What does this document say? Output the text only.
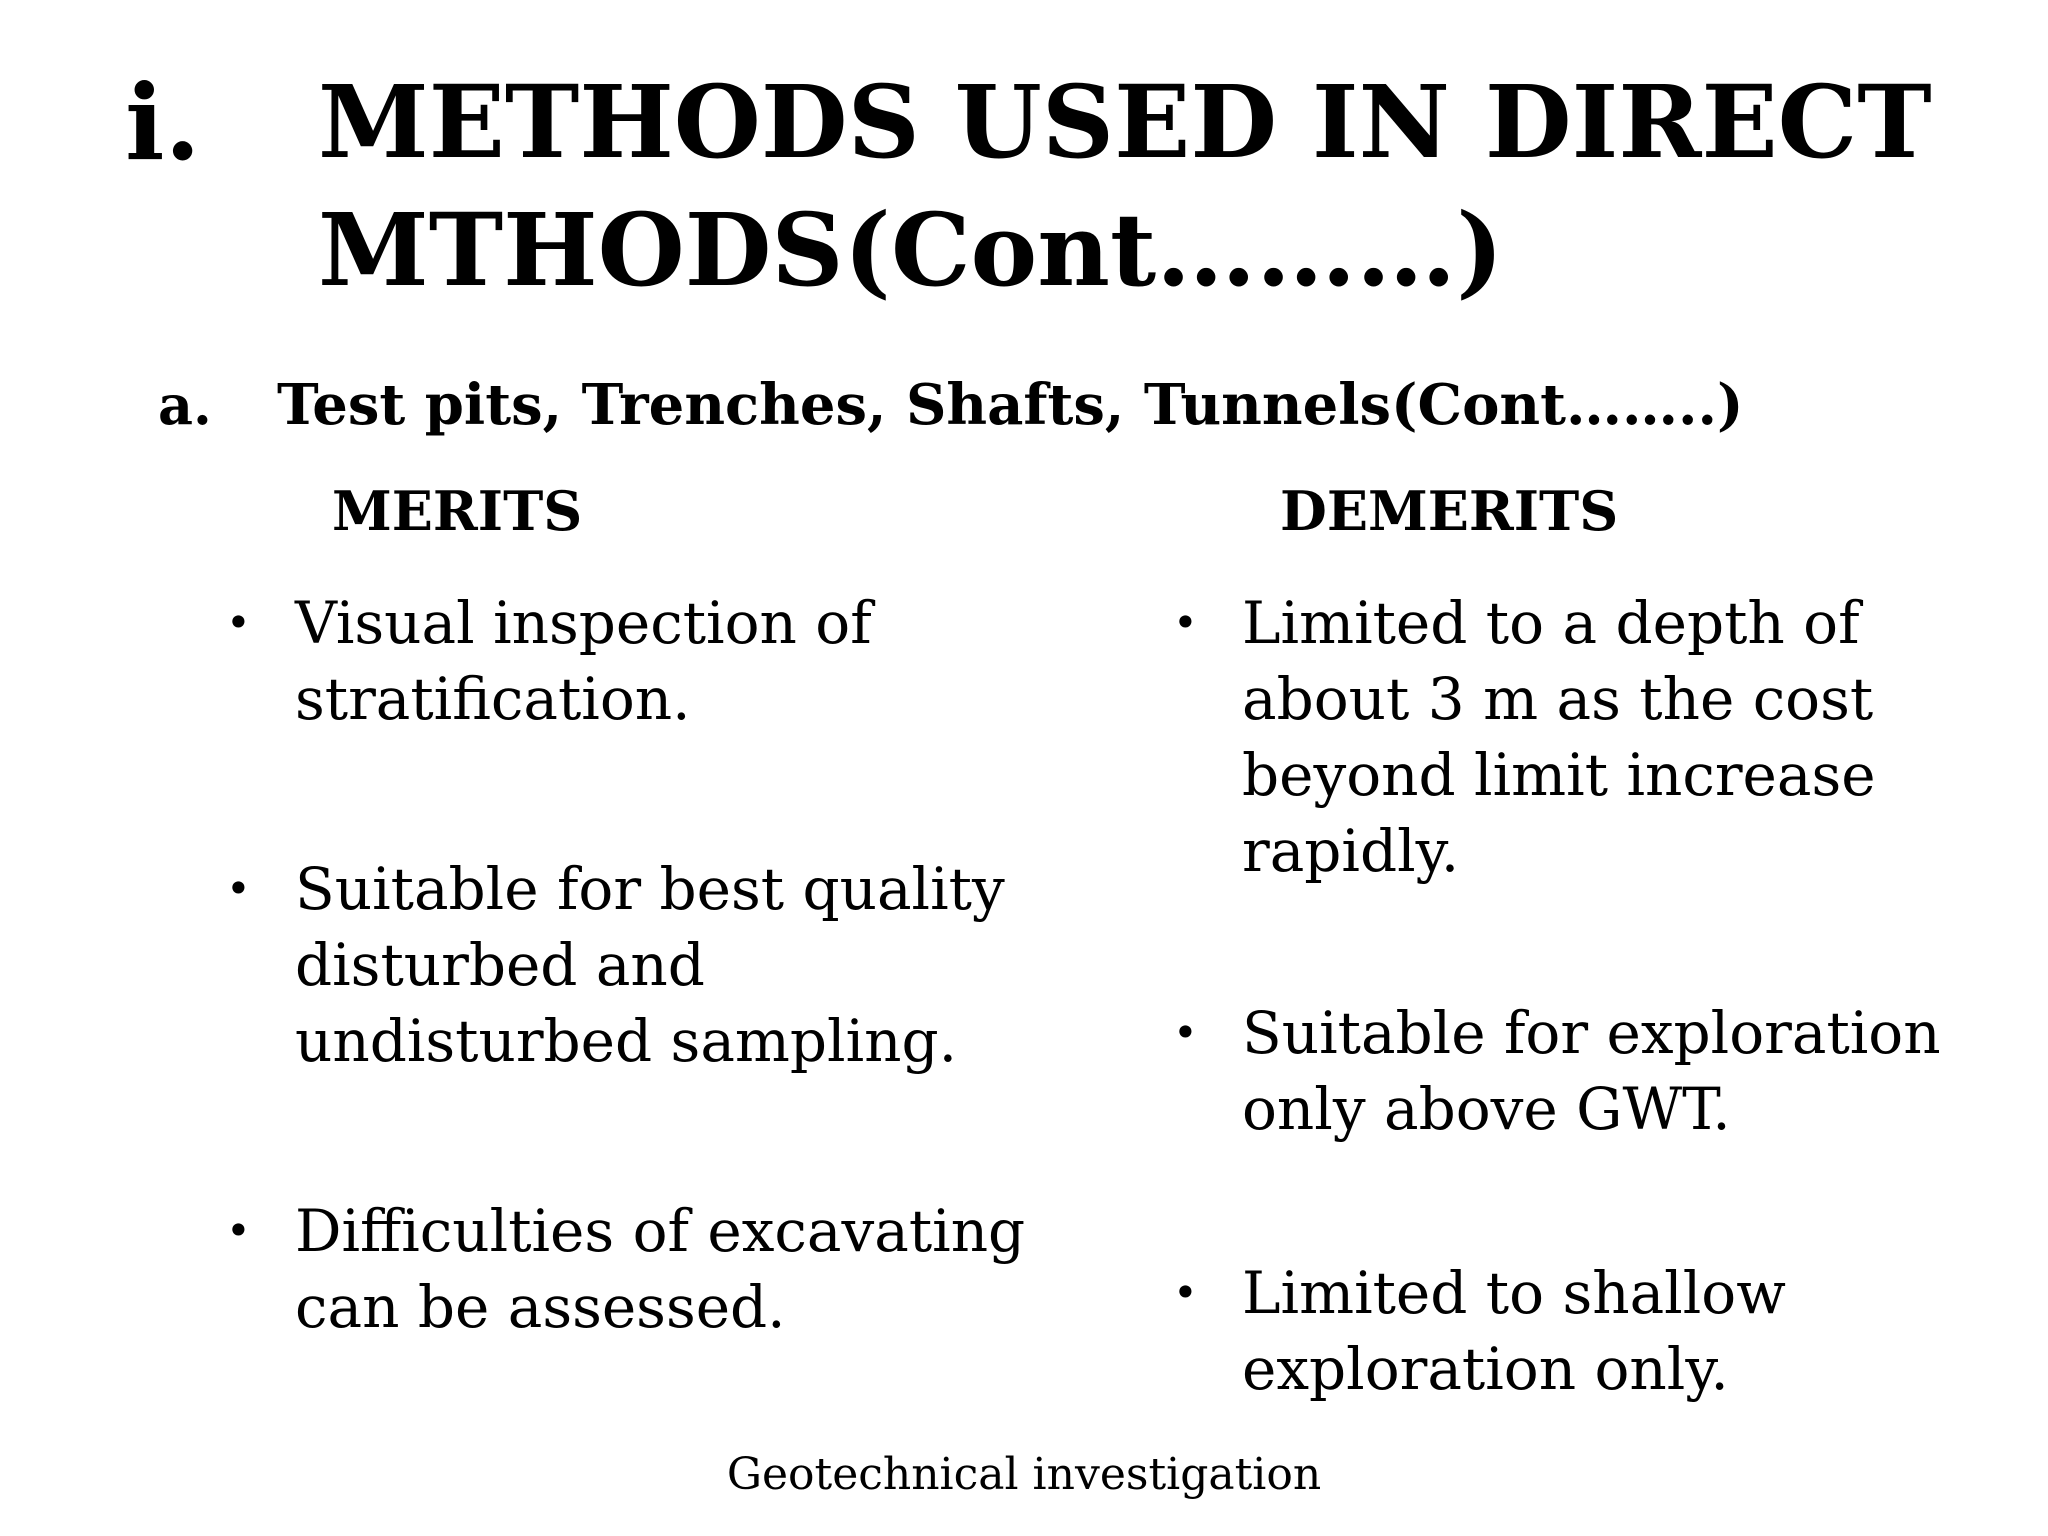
i. METHODS USED IN DIRECT
MTHODS(Cont………)
a. Test pits, Trenches, Shafts, Tunnels(Cont……..)
MERITS	DEMERITS
• Visual inspection of
stratification.
• Suitable for best quality
disturbed and
undisturbed sampling.
• Difficulties of excavating
can be assessed.
• Limited to a depth of
about 3 m as the cost
beyond limit increase
rapidly.
• Suitable for exploration
only above GWT.
• Limited to shallow
exploration only.
Geotechnical investigation
